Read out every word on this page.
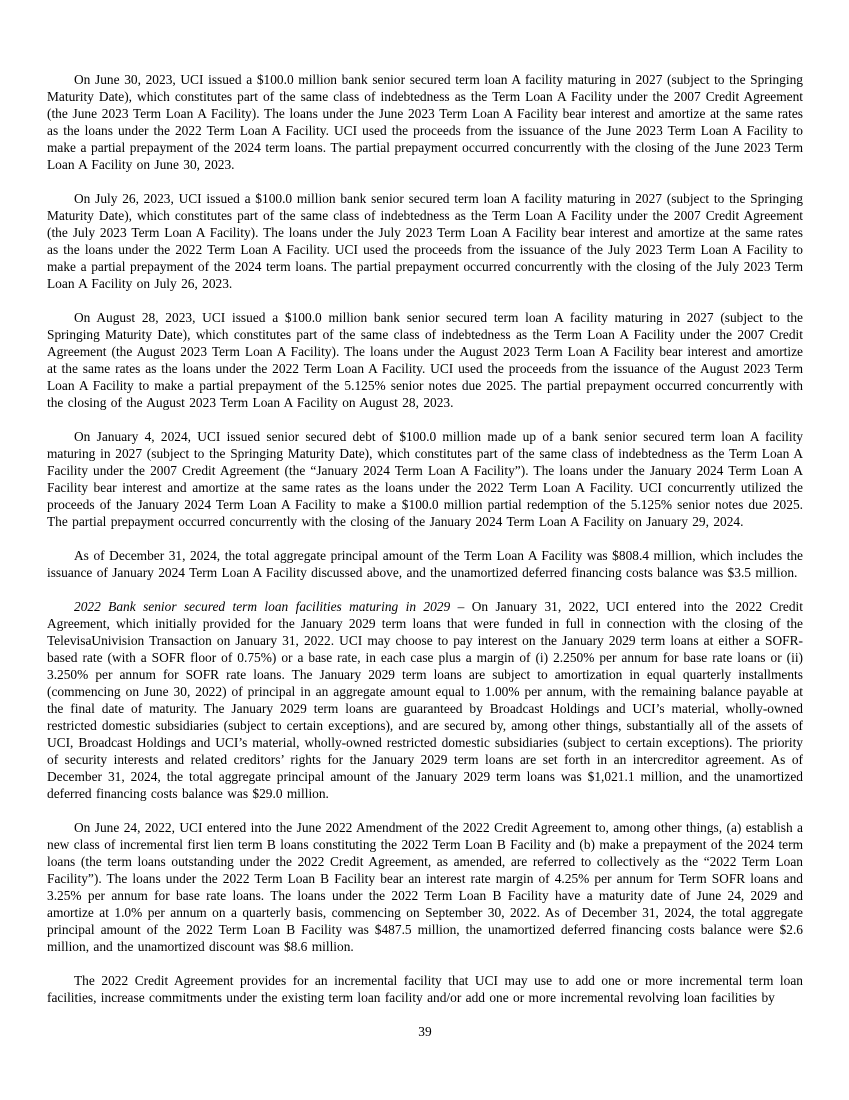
On June 30, 2023, UCI issued a $100.0 million bank senior secured term loan A facility maturing in 2027 (subject to the Springing Maturity Date), which constitutes part of the same class of indebtedness as the Term Loan A Facility under the 2007 Credit Agreement (the June 2023 Term Loan A Facility). The loans under the June 2023 Term Loan A Facility bear interest and amortize at the same rates as the loans under the 2022 Term Loan A Facility. UCI used the proceeds from the issuance of the June 2023 Term Loan A Facility to make a partial prepayment of the 2024 term loans. The partial prepayment occurred concurrently with the closing of the June 2023 Term Loan A Facility on June 30, 2023.

On July 26, 2023, UCI issued a $100.0 million bank senior secured term loan A facility maturing in 2027 (subject to the Springing Maturity Date), which constitutes part of the same class of indebtedness as the Term Loan A Facility under the 2007 Credit Agreement (the July 2023 Term Loan A Facility). The loans under the July 2023 Term Loan A Facility bear interest and amortize at the same rates as the loans under the 2022 Term Loan A Facility. UCI used the proceeds from the issuance of the July 2023 Term Loan A Facility to make a partial prepayment of the 2024 term loans. The partial prepayment occurred concurrently with the closing of the July 2023 Term Loan A Facility on July 26, 2023.

On August 28, 2023, UCI issued a $100.0 million bank senior secured term loan A facility maturing in 2027 (subject to the Springing Maturity Date), which constitutes part of the same class of indebtedness as the Term Loan A Facility under the 2007 Credit Agreement (the August 2023 Term Loan A Facility). The loans under the August 2023 Term Loan A Facility bear interest and amortize at the same rates as the loans under the 2022 Term Loan A Facility. UCI used the proceeds from the issuance of the August 2023 Term Loan A Facility to make a partial prepayment of the 5.125% senior notes due 2025. The partial prepayment occurred concurrently with the closing of the August 2023 Term Loan A Facility on August 28, 2023.

On January 4, 2024, UCI issued senior secured debt of $100.0 million made up of a bank senior secured term loan A facility maturing in 2027 (subject to the Springing Maturity Date), which constitutes part of the same class of indebtedness as the Term Loan A Facility under the 2007 Credit Agreement (the “January 2024 Term Loan A Facility”). The loans under the January 2024 Term Loan A Facility bear interest and amortize at the same rates as the loans under the 2022 Term Loan A Facility. UCI concurrently utilized the proceeds of the January 2024 Term Loan A Facility to make a $100.0 million partial redemption of the 5.125% senior notes due 2025. The partial prepayment occurred concurrently with the closing of the January 2024 Term Loan A Facility on January 29, 2024.

As of December 31, 2024, the total aggregate principal amount of the Term Loan A Facility was $808.4 million, which includes the issuance of January 2024 Term Loan A Facility discussed above, and the unamortized deferred financing costs balance was $3.5 million.

2022 Bank senior secured term loan facilities maturing in 2029 – On January 31, 2022, UCI entered into the 2022 Credit Agreement, which initially provided for the January 2029 term loans that were funded in full in connection with the closing of the TelevisaUnivision Transaction on January 31, 2022. UCI may choose to pay interest on the January 2029 term loans at either a SOFR-based rate (with a SOFR floor of 0.75%) or a base rate, in each case plus a margin of (i) 2.250% per annum for base rate loans or (ii) 3.250% per annum for SOFR rate loans. The January 2029 term loans are subject to amortization in equal quarterly installments (commencing on June 30, 2022) of principal in an aggregate amount equal to 1.00% per annum, with the remaining balance payable at the final date of maturity. The January 2029 term loans are guaranteed by Broadcast Holdings and UCI’s material, wholly-owned restricted domestic subsidiaries (subject to certain exceptions), and are secured by, among other things, substantially all of the assets of UCI, Broadcast Holdings and UCI’s material, wholly-owned restricted domestic subsidiaries (subject to certain exceptions). The priority of security interests and related creditors’ rights for the January 2029 term loans are set forth in an intercreditor agreement. As of December 31, 2024, the total aggregate principal amount of the January 2029 term loans was $1,021.1 million, and the unamortized deferred financing costs balance was $29.0 million.

On June 24, 2022, UCI entered into the June 2022 Amendment of the 2022 Credit Agreement to, among other things, (a) establish a new class of incremental first lien term B loans constituting the 2022 Term Loan B Facility and (b) make a prepayment of the 2024 term loans (the term loans outstanding under the 2022 Credit Agreement, as amended, are referred to collectively as the “2022 Term Loan Facility”). The loans under the 2022 Term Loan B Facility bear an interest rate margin of 4.25% per annum for Term SOFR loans and 3.25% per annum for base rate loans. The loans under the 2022 Term Loan B Facility have a maturity date of June 24, 2029 and amortize at 1.0% per annum on a quarterly basis, commencing on September 30, 2022. As of December 31, 2024, the total aggregate principal amount of the 2022 Term Loan B Facility was $487.5 million, the unamortized deferred financing costs balance were $2.6 million, and the unamortized discount was $8.6 million.

The 2022 Credit Agreement provides for an incremental facility that UCI may use to add one or more incremental term loan facilities, increase commitments under the existing term loan facility and/or add one or more incremental revolving loan facilities by

39
